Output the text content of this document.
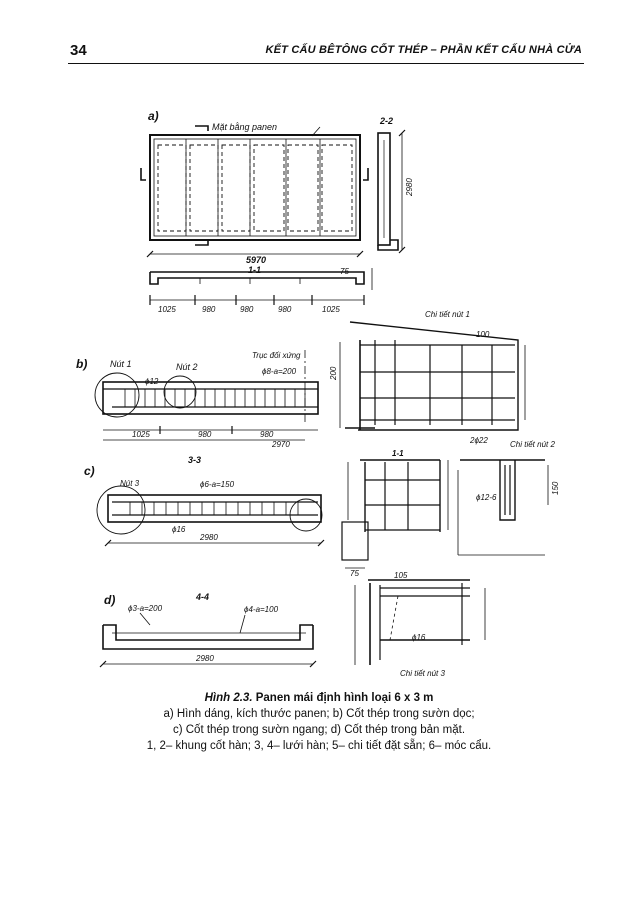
34	KẾT CẤU BÊTÔNG CỐT THÉP – PHẦN KẾT CẤU NHÀ CỬA
a)
Mặt bằng panen
2-2
5970
1-1
1025	980	980	980	1025
2980
75
b)	Nút 1	Nút 2
Trục đối xứng
ϕ12
ϕ8-a=200
1025	980	980
2970
c)
3-3
Nút 3	ϕ6-a=150
ϕ16
2980
d)	4-4
ϕ3-a=200	ϕ4-a=100
2980
Chi tiết nút 1
Chi tiết nút 2
Chi tiết nút 3
1-1
2ϕ22
ϕ16
ϕ12-6
100
75	105
150
200
Hình 2.3. Panen mái định hình loại 6 x 3 m
a) Hình dáng, kích thước panen; b) Cốt thép trong sườn dọc;
c) Cốt thép trong sườn ngang; d) Cốt thép trong bản mặt.
1, 2– khung cốt hàn; 3, 4– lưới hàn; 5– chi tiết đặt sẵn; 6– móc cẩu.
